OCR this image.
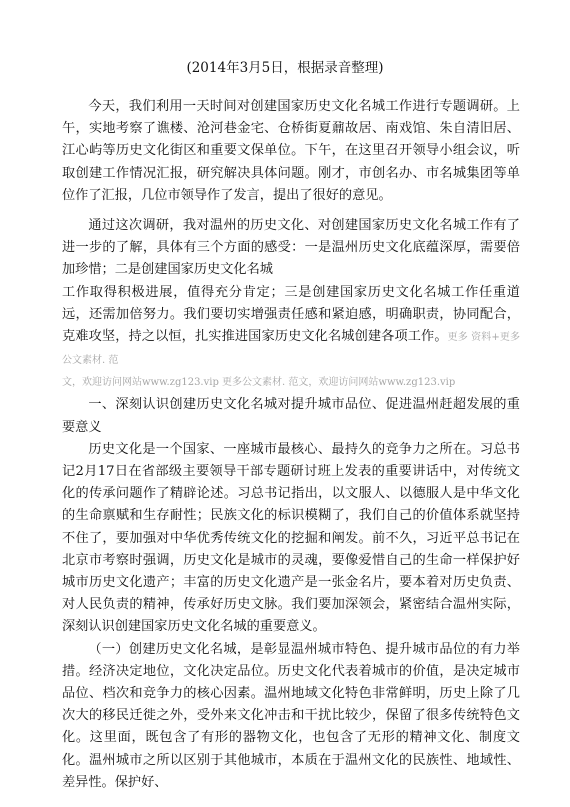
(2014年3月5日，根据录音整理)

今天，我们利用一天时间对创建国家历史文化名城工作进行专题调研。上午，实地考察了谯楼、沧河巷金宅、仓桥街夏鼐故居、南戏馆、朱自清旧居、江心屿等历史文化街区和重要文保单位。下午，在这里召开领导小组会议，听取创建工作情况汇报，研究解决具体问题。刚才，市创名办、市名城集团等单位作了汇报，几位市领导作了发言，提出了很好的意见。

通过这次调研，我对温州的历史文化、对创建国家历史文化名城工作有了进一步的了解，具体有三个方面的感受：一是温州历史文化底蕴深厚，需要倍加珍惜；二是创建国家历史文化名城

工作取得积极进展，值得充分肯定；三是创建国家历史文化名城工作任重道远，还需加倍努力。我们要切实增强责任感和紧迫感，明确职责，协同配合，克难攻坚，持之以恒，扎实推进国家历史文化名城创建各项工作。更多 资料+更多公文素材. 范

文，欢迎访问网站www.zg123.vip 更多公文素材. 范文，欢迎访问网站www.zg123.vip

一、深刻认识创建历史文化名城对提升城市品位、促进温州赶超发展的重要意义

历史文化是一个国家、一座城市最核心、最持久的竞争力之所在。习总书记2月17日在省部级主要领导干部专题研讨班上发表的重要讲话中，对传统文化的传承问题作了精辟论述。习总书记指出，以文服人、以德服人是中华文化的生命禀赋和生存耐性；民族文化的标识模糊了，我们自己的价值体系就坚持不住了，要加强对中华优秀传统文化的挖掘和阐发。前不久，习近平总书记在北京市考察时强调，历史文化是城市的灵魂，要像爱惜自己的生命一样保护好城市历史文化遗产；丰富的历史文化遗产是一张金名片，要本着对历史负责、对人民负责的精神，传承好历史文脉。我们要加深领会，紧密结合温州实际，深刻认识创建国家历史文化名城的重要意义。

（一）创建历史文化名城，是彰显温州城市特色、提升城市品位的有力举措。经济决定地位，文化决定品位。历史文化代表着城市的价值，是决定城市品位、档次和竞争力的核心因素。温州地域文化特色非常鲜明，历史上除了几次大的移民迁徙之外，受外来文化冲击和干扰比较少，保留了很多传统特色文化。这里面，既包含了有形的器物文化，也包含了无形的精神文化、制度文化。温州城市之所以区别于其他城市，本质在于温州文化的民族性、地域性、差异性。保护好、
